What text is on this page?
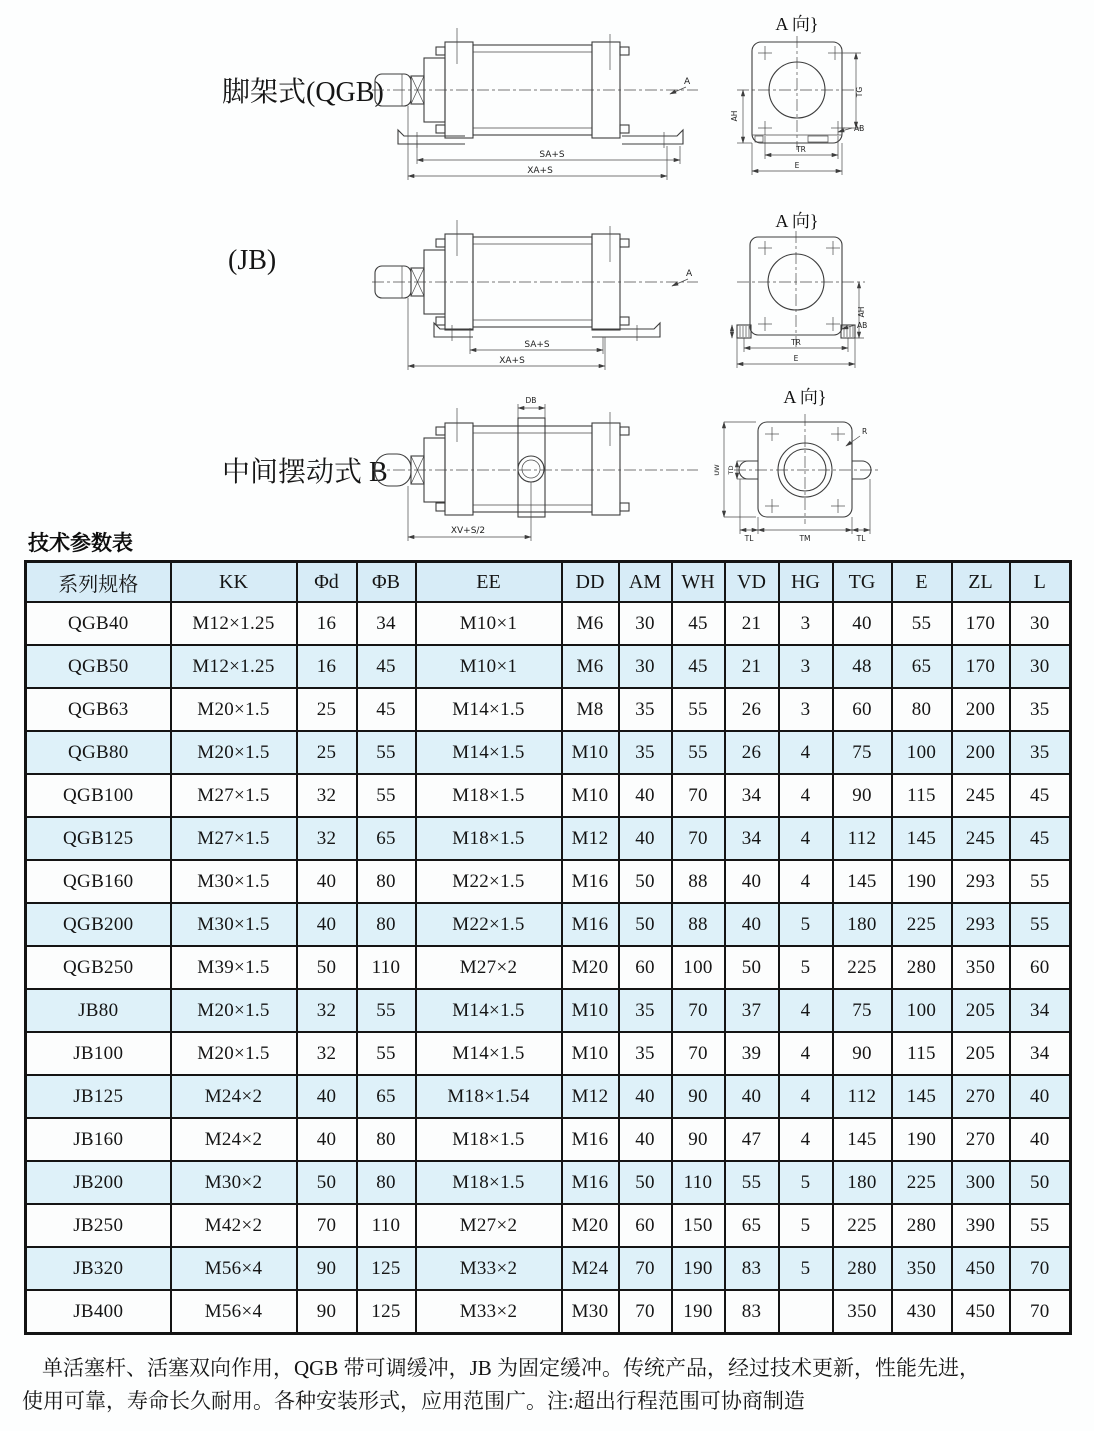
脚架式(QGB)	A
SA+S
XA+S
A 向}
AH
TG
AB
TR
E
(JB)	A
SA+S
XA+S
A 向}
AH
AB
TR
E
中间摆动式 B
DB
XV+S/2
A 向}
UW TD
R
TL	TM	TL
技术参数表
系列规格	KK	Φd	ΦB	EE	DD	AM	WH	VD	HG	TG	E	ZL	L
QGB40	M12×1.25	16	34	M10×1	M6	30	45	21	3	40	55	170	30
QGB50	M12×1.25	16	45	M10×1	M6	30	45	21	3	48	65	170	30
QGB63	M20×1.5	25	45	M14×1.5	M8	35	55	26	3	60	80	200	35
QGB80	M20×1.5	25	55	M14×1.5	M10	35	55	26	4	75	100	200	35
QGB100	M27×1.5	32	55	M18×1.5	M10	40	70	34	4	90	115	245	45
QGB125	M27×1.5	32	65	M18×1.5	M12	40	70	34	4	112	145	245	45
QGB160	M30×1.5	40	80	M22×1.5	M16	50	88	40	4	145	190	293	55
QGB200	M30×1.5	40	80	M22×1.5	M16	50	88	40	5	180	225	293	55
QGB250	M39×1.5	50	110	M27×2	M20	60	100	50	5	225	280	350	60
JB80	M20×1.5	32	55	M14×1.5	M10	35	70	37	4	75	100	205	34
JB100	M20×1.5	32	55	M14×1.5	M10	35	70	39	4	90	115	205	34
JB125	M24×2	40	65	M18×1.54	M12	40	90	40	4	112	145	270	40
JB160	M24×2	40	80	M18×1.5	M16	40	90	47	4	145	190	270	40
JB200	M30×2	50	80	M18×1.5	M16	50	110	55	5	180	225	300	50
JB250	M42×2	70	110	M27×2	M20	60	150	65	5	225	280	390	55
JB320	M56×4	90	125	M33×2	M24	70	190	83	5	280	350	450	70
JB400	M56×4	90	125	M33×2	M30	70	190	83		350	430	450	70
单活塞杆、活塞双向作用，QGB 带可调缓冲，JB 为固定缓冲。传统产品，经过技术更新，性能先进，
使用可靠，寿命长久耐用。各种安装形式，应用范围广。注:超出行程范围可协商制造
